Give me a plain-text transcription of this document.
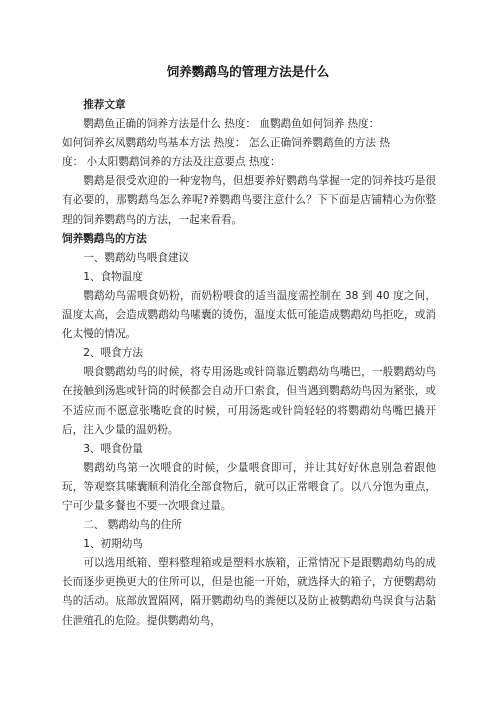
饲养鹦鹉鸟的管理方法是什么

推荐文章

鹦鹉鱼正确的饲养方法是什么 热度： 血鹦鹉鱼如何饲养 热度：

如何饲养玄凤鹦鹉幼鸟基本方法 热度： 怎么正确饲养鹦鹉鱼的方法 热

度： 小太阳鹦鹉饲养的方法及注意要点 热度：

鹦鹉是很受欢迎的一种宠物鸟，但想要养好鹦鹉鸟掌握一定的饲养技巧是很有必要的，那鹦鹉鸟怎么养呢?养鹦鹉鸟要注意什么？下下面是店铺精心为你整理的饲养鹦鹉鸟的方法，一起来看看。

饲养鹦鹉鸟的方法

一、鹦鹉幼鸟喂食建议

1、食物温度

鹦鹉幼鸟需喂食奶粉，而奶粉喂食的适当温度需控制在 38 到 40 度之间，温度太高，会造成鹦鹉幼鸟嗉囊的烫伤，温度太低可能造成鹦鹉幼鸟拒吃，或消化太慢的情况。

2、喂食方法

喂食鹦鹉幼鸟的时候，将专用汤匙或针筒靠近鹦鹉幼鸟嘴巴，一般鹦鹉幼鸟在接触到汤匙或针筒的时候都会自动开口索食，但当遇到鹦鹉幼鸟因为紧张，或不适应而不愿意张嘴吃食的时候，可用汤匙或针筒轻轻的将鹦鹉幼鸟嘴巴撬开后，注入少量的温奶粉。

3、喂食份量

鹦鹉幼鸟第一次喂食的时候，少量喂食即可，并让其好好休息别急着跟他玩，等观察其嗉囊顺利消化全部食物后，就可以正常喂食了。以八分饱为重点，宁可少量多餐也不要一次喂食过量。

二、 鹦鹉幼鸟的住所

1、初期幼鸟

可以选用纸箱、塑料整理箱或是塑料水族箱，正常情况下是跟鹦鹉幼鸟的成长而逐步更换更大的住所可以，但是也能一开始，就选择大的箱子，方便鹦鹉幼鸟的活动。底部放置隔网，隔开鹦鹉幼鸟的粪便以及防止被鹦鹉幼鸟误食与沾黏住泄殖孔的危险。提供鹦鹉幼鸟，
